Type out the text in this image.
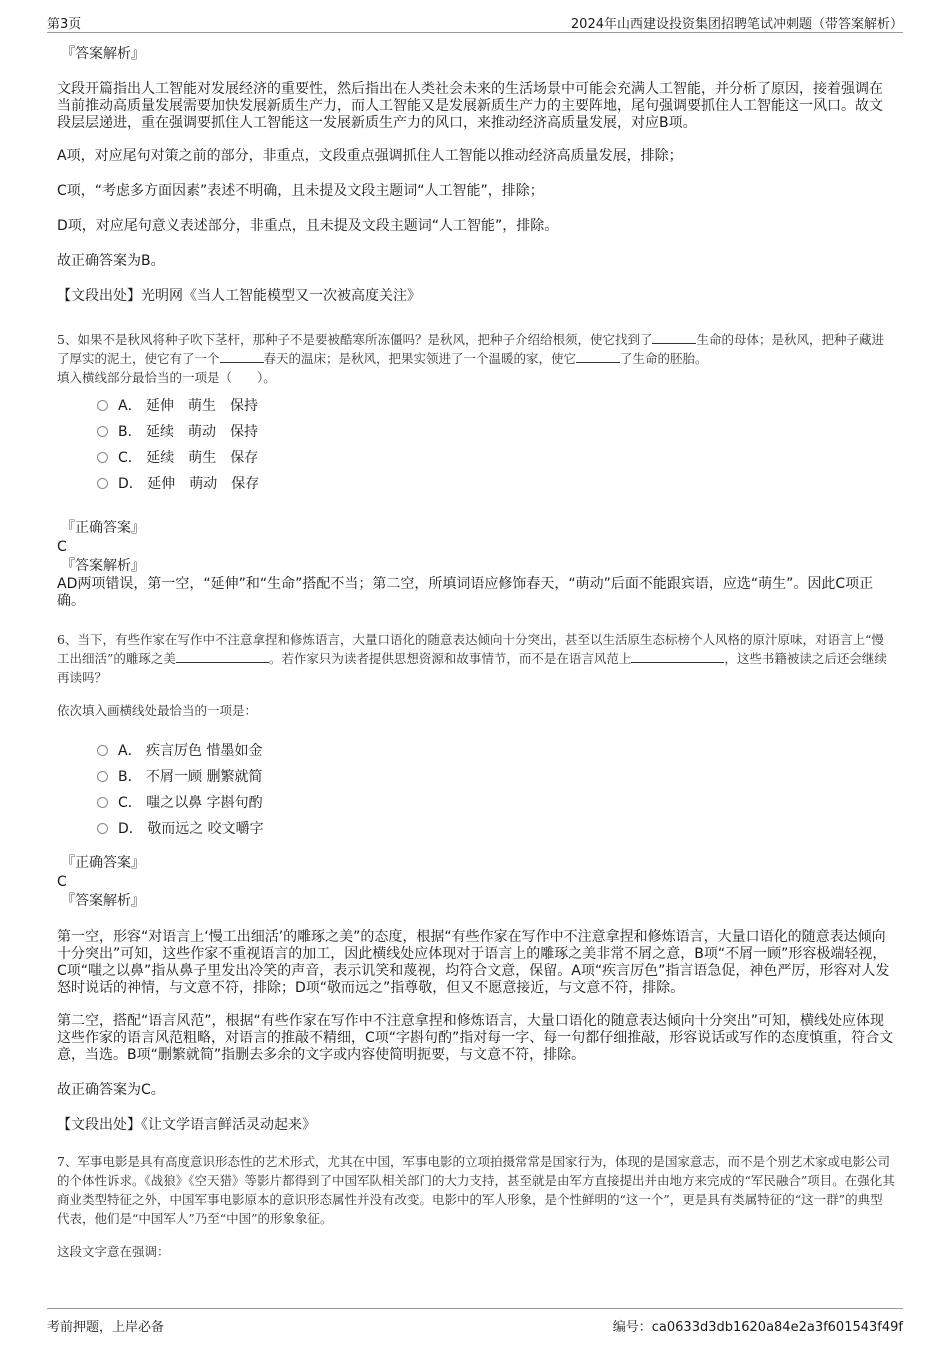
第3页	2024年山西建设投资集团招聘笔试冲刺题（带答案解析）

『答案解析』

文段开篇指出人工智能对发展经济的重要性，然后指出在人类社会未来的生活场景中可能会充满人工智能，并分析了原因，接着强调在当前推动高质量发展需要加快发展新质生产力，而人工智能又是发展新质生产力的主要阵地，尾句强调要抓住人工智能这一风口。故文段层层递进，重在强调要抓住人工智能这一发展新质生产力的风口，来推动经济高质量发展，对应B项。

A项，对应尾句对策之前的部分，非重点，文段重点强调抓住人工智能以推动经济高质量发展，排除；

C项，“考虑多方面因素”表述不明确，且未提及文段主题词“人工智能”，排除；

D项，对应尾句意义表述部分，非重点，且未提及文段主题词“人工智能”，排除。

故正确答案为B。

【文段出处】光明网《当人工智能模型又一次被高度关注》

5、如果不是秋风将种子吹下茎杆，那种子不是要被酷寒所冻僵吗？是秋风，把种子介绍给根须，使它找到了	生命的母体；是秋风，把种子藏进了厚实的泥土，使它有了一个	春天的温床；是秋风，把果实领进了一个温暖的家，使它	了生命的胚胎。

填入横线部分最恰当的一项是（　　）。

A． 延伸　萌生　保持
B． 延续　萌动　保持
C． 延续　萌生　保存
D． 延伸　萌动　保存

『正确答案』

C

『答案解析』

AD两项错误，第一空，“延伸”和“生命”搭配不当；第二空，所填词语应修饰春天，“萌动”后面不能跟宾语，应选“萌生”。因此C项正确。

6、当下，有些作家在写作中不注意拿捏和修炼语言，大量口语化的随意表达倾向十分突出，甚至以生活原生态标榜个人风格的原汁原味，对语言上“慢工出细活”的雕琢之美	。若作家只为读者提供思想资源和故事情节，而不是在语言风范上	，这些书籍被读之后还会继续再读吗？

依次填入画横线处最恰当的一项是：

A． 疾言厉色 惜墨如金
B． 不屑一顾 删繁就简
C． 嗤之以鼻 字斟句酌
D． 敬而远之 咬文嚼字

『正确答案』

C

『答案解析』

第一空，形容“对语言上‘慢工出细活’的雕琢之美”的态度，根据“有些作家在写作中不注意拿捏和修炼语言，大量口语化的随意表达倾向十分突出”可知，这些作家不重视语言的加工，因此横线处应体现对于语言上的雕琢之美非常不屑之意，B项“不屑一顾”形容极端轻视，C项“嗤之以鼻”指从鼻子里发出冷笑的声音，表示讥笑和蔑视，均符合文意，保留。A项“疾言厉色”指言语急促，神色严厉，形容对人发怒时说话的神情，与文意不符，排除；D项“敬而远之”指尊敬，但又不愿意接近，与文意不符，排除。

第二空，搭配“语言风范”，根据“有些作家在写作中不注意拿捏和修炼语言，大量口语化的随意表达倾向十分突出”可知，横线处应体现这些作家的语言风范粗略，对语言的推敲不精细，C项“字斟句酌”指对每一字、每一句都仔细推敲，形容说话或写作的态度慎重，符合文意，当选。B项“删繁就简”指删去多余的文字或内容使简明扼要，与文意不符，排除。

故正确答案为C。

【文段出处】《让文学语言鲜活灵动起来》

7、军事电影是具有高度意识形态性的艺术形式，尤其在中国，军事电影的立项拍摄常常是国家行为，体现的是国家意志，而不是个别艺术家或电影公司的个体性诉求。《战狼》《空天猎》等影片都得到了中国军队相关部门的大力支持，甚至就是由军方直接提出并由地方来完成的“军民融合”项目。在强化其商业类型特征之外，中国军事电影原本的意识形态属性并没有改变。电影中的军人形象，是个性鲜明的“这一个”，更是具有类属特征的“这一群”的典型代表，他们是“中国军人”乃至“中国”的形象象征。

这段文字意在强调：

考前押题，上岸必备	编号：ca0633d3db1620a84e2a3f601543f49f
